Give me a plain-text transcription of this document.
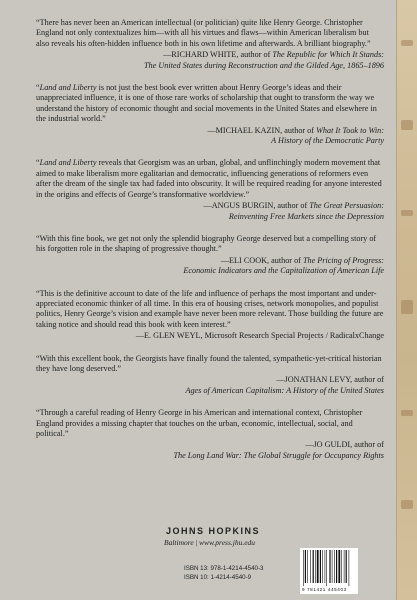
“There has never been an American intellectual (or politician) quite like Henry George. Christopher England not only contextualizes him—with all his virtues and flaws—within American liberalism but also reveals his often-hidden influence both in his own lifetime and afterwards. A brilliant biography.”

—RICHARD WHITE, author of The Republic for Which It Stands:
The United States during Reconstruction and the Gilded Age, 1865–1896

“Land and Liberty is not just the best book ever written about Henry George’s ideas and their unappreciated influence, it is one of those rare works of scholarship that ought to transform the way we understand the history of economic thought and social movements in the United States and elsewhere in the industrial world.”

—MICHAEL KAZIN, author of What It Took to Win:
A History of the Democratic Party

“Land and Liberty reveals that Georgism was an urban, global, and unflinchingly modern movement that aimed to make liberalism more egalitarian and democratic, influencing generations of reformers even after the dream of the single tax had faded into obscurity. It will be required reading for anyone interested in the origins and effects of George’s transformative worldview.”

—ANGUS BURGIN, author of The Great Persuasion:
Reinventing Free Markets since the Depression

“With this fine book, we get not only the splendid biography George deserved but a compelling story of his forgotten role in the shaping of progressive thought.”

—ELI COOK, author of The Pricing of Progress:
Economic Indicators and the Capitalization of American Life

“This is the definitive account to date of the life and influence of perhaps the most important and under-appreciated economic thinker of all time. In this era of housing crises, network monopolies, and populist politics, Henry George’s vision and example have never been more relevant. Those building the future are taking notice and should read this book with keen interest.”

—E. GLEN WEYL, Microsoft Research Special Projects / RadicalxChange

“With this excellent book, the Georgists have finally found the talented, sympathetic-yet-critical historian they have long deserved.”

—JONATHAN LEVY, author of
Ages of American Capitalism: A History of the United States

“Through a careful reading of Henry George in his American and international context, Christopher England provides a missing chapter that touches on the urban, economic, intellectual, social, and political.”

—JO GULDI, author of
The Long Land War: The Global Struggle for Occupancy Rights

JOHNS HOPKINS
Baltimore | www.press.jhu.edu
ISBN 13: 978-1-4214-4540-3
ISBN 10: 1-4214-4540-9
9 781421 445403
